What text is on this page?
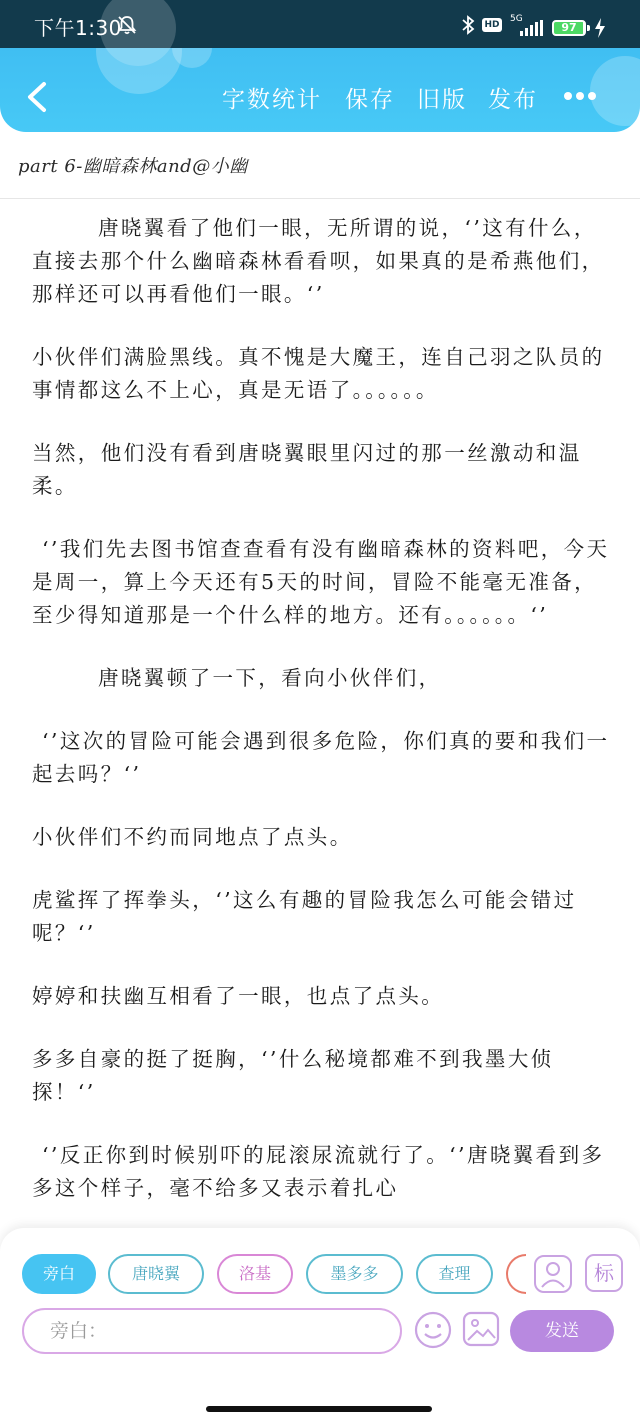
下午1:30	HD
5G
97
字数统计 保存 旧版 发布
part 6-幽暗森林and@小幽

唐晓翼看了他们一眼，无所谓的说，‘’这有什么，直接去那个什么幽暗森林看看呗，如果真的是希燕他们，那样还可以再看他们一眼。‘’

小伙伴们满脸黑线。真不愧是大魔王，连自己羽之队员的事情都这么不上心，真是无语了。。。。。。

当然，他们没有看到唐晓翼眼里闪过的那一丝激动和温柔。

‘’我们先去图书馆查查看有没有幽暗森林的资料吧，今天是周一，算上今天还有5天的时间，冒险不能毫无准备，至少得知道那是一个什么样的地方。还有。。。。。。‘’

唐晓翼顿了一下，看向小伙伴们，

‘’这次的冒险可能会遇到很多危险，你们真的要和我们一起去吗？‘’

小伙伴们不约而同地点了点头。

虎鲨挥了挥拳头，‘’这么有趣的冒险我怎么可能会错过呢？‘’

婷婷和扶幽互相看了一眼，也点了点头。

多多自豪的挺了挺胸，‘’什么秘境都难不到我墨大侦探！‘’

‘’反正你到时候别吓的屁滚尿流就行了。‘’唐晓翼看到多多这个样子，毫不给多又表示着扎心

旁白	唐晓翼	洛基	墨多多	查理	标
旁白：	发送
